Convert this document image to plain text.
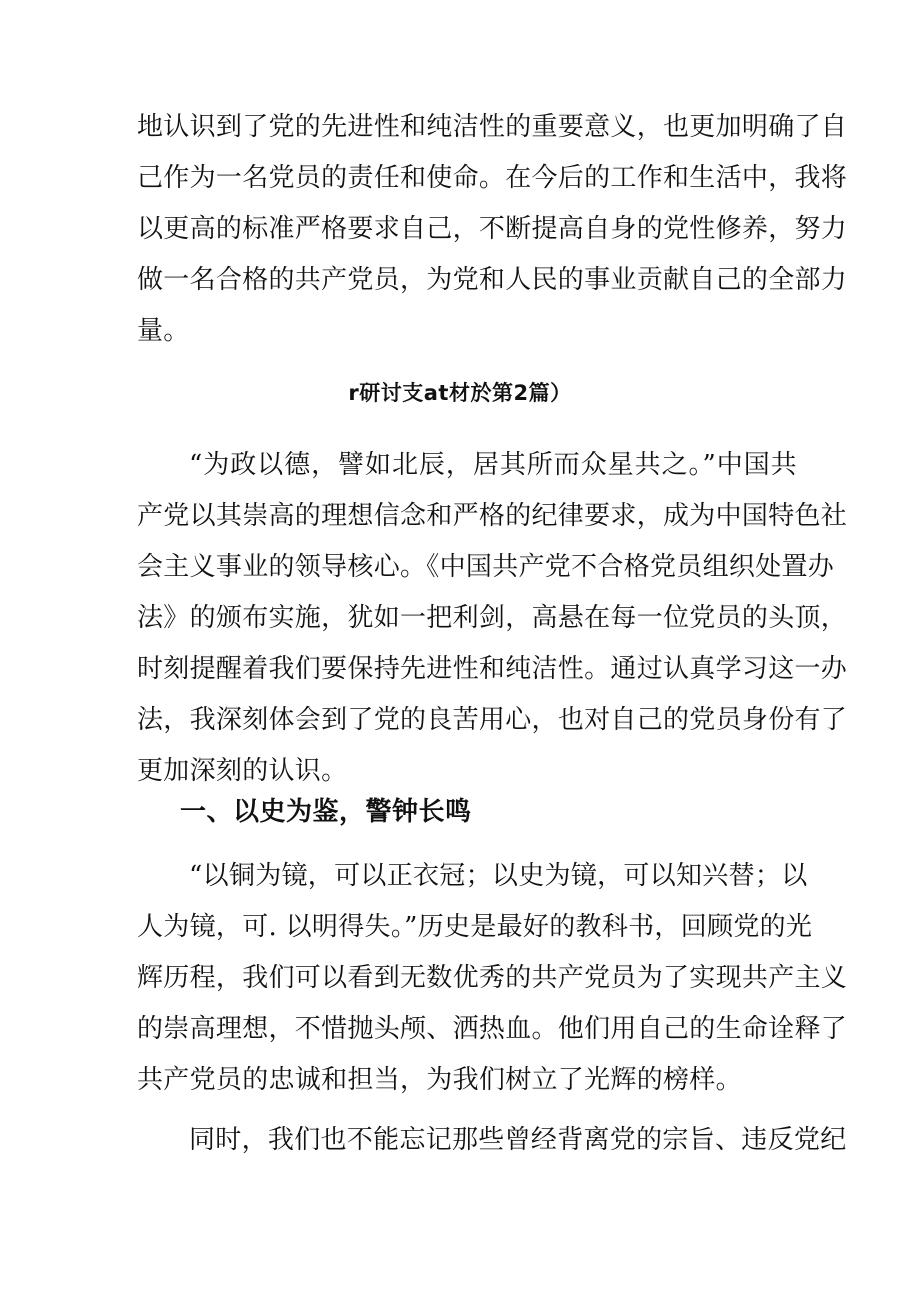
地认识到了党的先进性和纯洁性的重要意义，也更加明确了自
己作为一名党员的责任和使命。在今后的工作和生活中，我将
以更高的标准严格要求自己，不断提高自身的党性修养，努力
做一名合格的共产党员，为党和人民的事业贡献自己的全部力
量。
r研讨支at材於第2篇）
“为政以德，譬如北辰，居其所而众星共之。”中国共
产党以其崇高的理想信念和严格的纪律要求，成为中国特色社
会主义事业的领导核心。《中国共产党不合格党员组织处置办
法》的颁布实施，犹如一把利剑，高悬在每一位党员的头顶，
时刻提醒着我们要保持先进性和纯洁性。通过认真学习这一办
法，我深刻体会到了党的良苦用心，也对自己的党员身份有了
更加深刻的认识。
一、以史为鉴，警钟长鸣
“以铜为镜，可以正衣冠；以史为镜，可以知兴替；以
人为镜，可. 以明得失。”历史是最好的教科书，回顾党的光
辉历程，我们可以看到无数优秀的共产党员为了实现共产主义
的崇高理想，不惜抛头颅、洒热血。他们用自己的生命诠释了
共产党员的忠诚和担当，为我们树立了光辉的榜样。
同时，我们也不能忘记那些曾经背离党的宗旨、违反党纪
